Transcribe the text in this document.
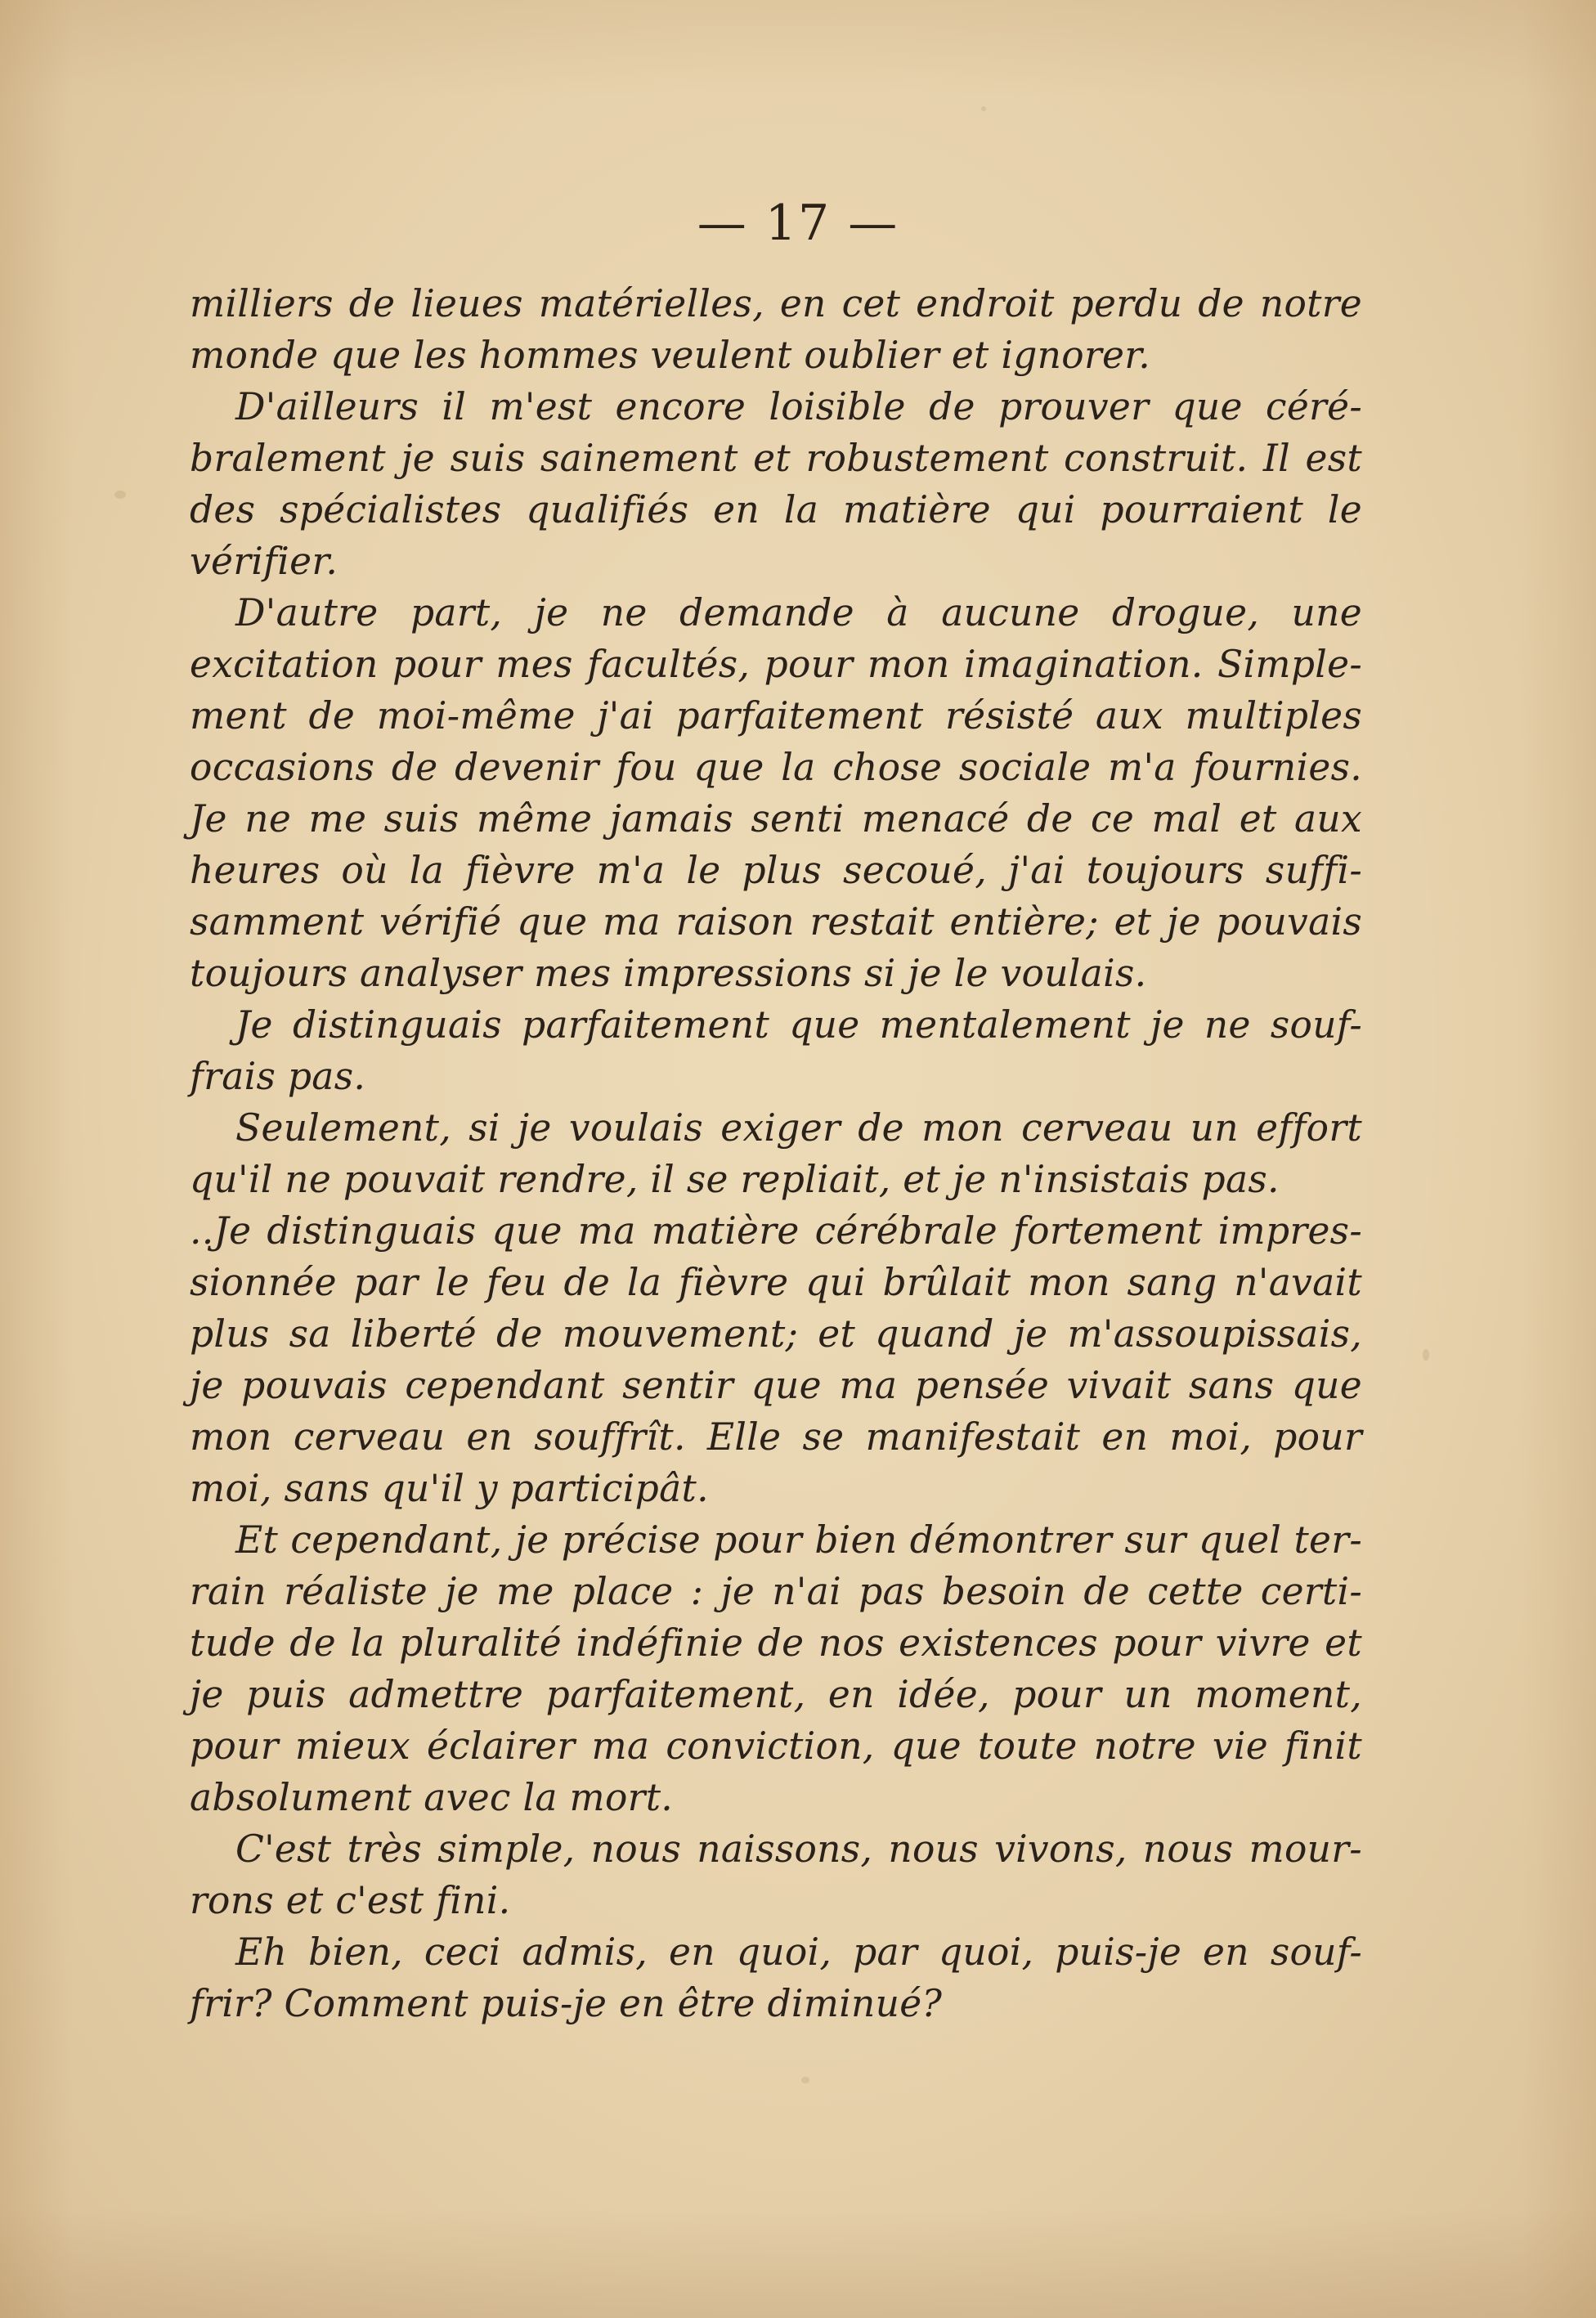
— 17 —
milliers de lieues matérielles, en cet endroit perdu de notre
monde que les hommes veulent oublier et ignorer.
D'ailleurs il m'est encore loisible de prouver que céré-
bralement je suis sainement et robustement construit. Il est
des spécialistes qualifiés en la matière qui pourraient le
vérifier.
D'autre part, je ne demande à aucune drogue, une
excitation pour mes facultés, pour mon imagination. Simple-
ment de moi-même j'ai parfaitement résisté aux multiples
occasions de devenir fou que la chose sociale m'a fournies.
Je ne me suis même jamais senti menacé de ce mal et aux
heures où la fièvre m'a le plus secoué, j'ai toujours suffi-
samment vérifié que ma raison restait entière; et je pouvais
toujours analyser mes impressions si je le voulais.
Je distinguais parfaitement que mentalement je ne souf-
frais pas.
Seulement, si je voulais exiger de mon cerveau un effort
qu'il ne pouvait rendre, il se repliait, et je n'insistais pas.
..Je distinguais que ma matière cérébrale fortement impres-
sionnée par le feu de la fièvre qui brûlait mon sang n'avait
plus sa liberté de mouvement; et quand je m'assoupissais,
je pouvais cependant sentir que ma pensée vivait sans que
mon cerveau en souffrît. Elle se manifestait en moi, pour
moi, sans qu'il y participât.
Et cependant, je précise pour bien démontrer sur quel ter-
rain réaliste je me place : je n'ai pas besoin de cette certi-
tude de la pluralité indéfinie de nos existences pour vivre et
je puis admettre parfaitement, en idée, pour un moment,
pour mieux éclairer ma conviction, que toute notre vie finit
absolument avec la mort.
C'est très simple, nous naissons, nous vivons, nous mour-
rons et c'est fini.
Eh bien, ceci admis, en quoi, par quoi, puis-je en souf-
frir? Comment puis-je en être diminué?
